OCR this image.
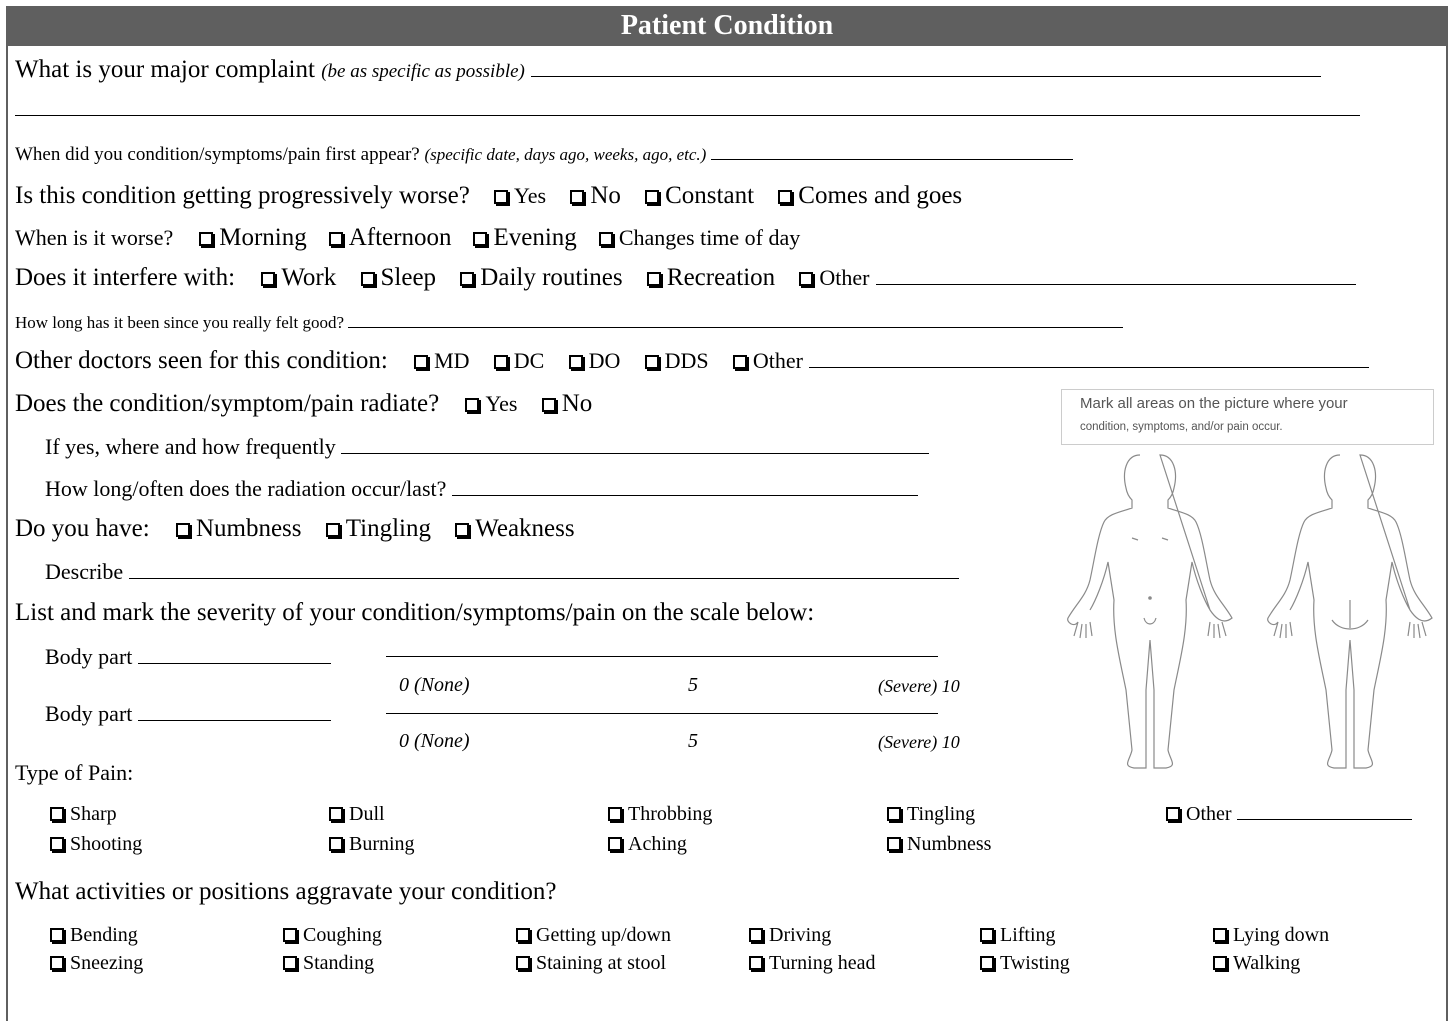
Patient Condition
What is your major complaint (be as specific as possible)
When did you condition/symptoms/pain first appear? (specific date, days ago, weeks, ago, etc.)
Is this condition getting progressively worse? Yes No Constant Comes and goes
When is it worse? Morning Afternoon Evening Changes time of day
Does it interfere with: Work Sleep Daily routines Recreation Other
How long has it been since you really felt good?
Other doctors seen for this condition: MD DC DO DDS Other
Does the condition/symptom/pain radiate? Yes No
If yes, where and how frequently
How long/often does the radiation occur/last?
Do you have: Numbness Tingling Weakness
Describe
List and mark the severity of your condition/symptoms/pain on the scale below:
Body part
0 (None)	5	(Severe) 10
Body part
0 (None)	5	(Severe) 10
Type of Pain:
Sharp	Dull	Throbbing	Tingling	Other
Shooting	Burning	Aching	Numbness
What activities or positions aggravate your condition?
Bending	Coughing	Getting up/down	Driving	Lifting	Lying down
Sneezing	Standing	Staining at stool	Turning head	Twisting	Walking
Mark all areas on the picture where your
condition, symptoms, and/or pain occur.
